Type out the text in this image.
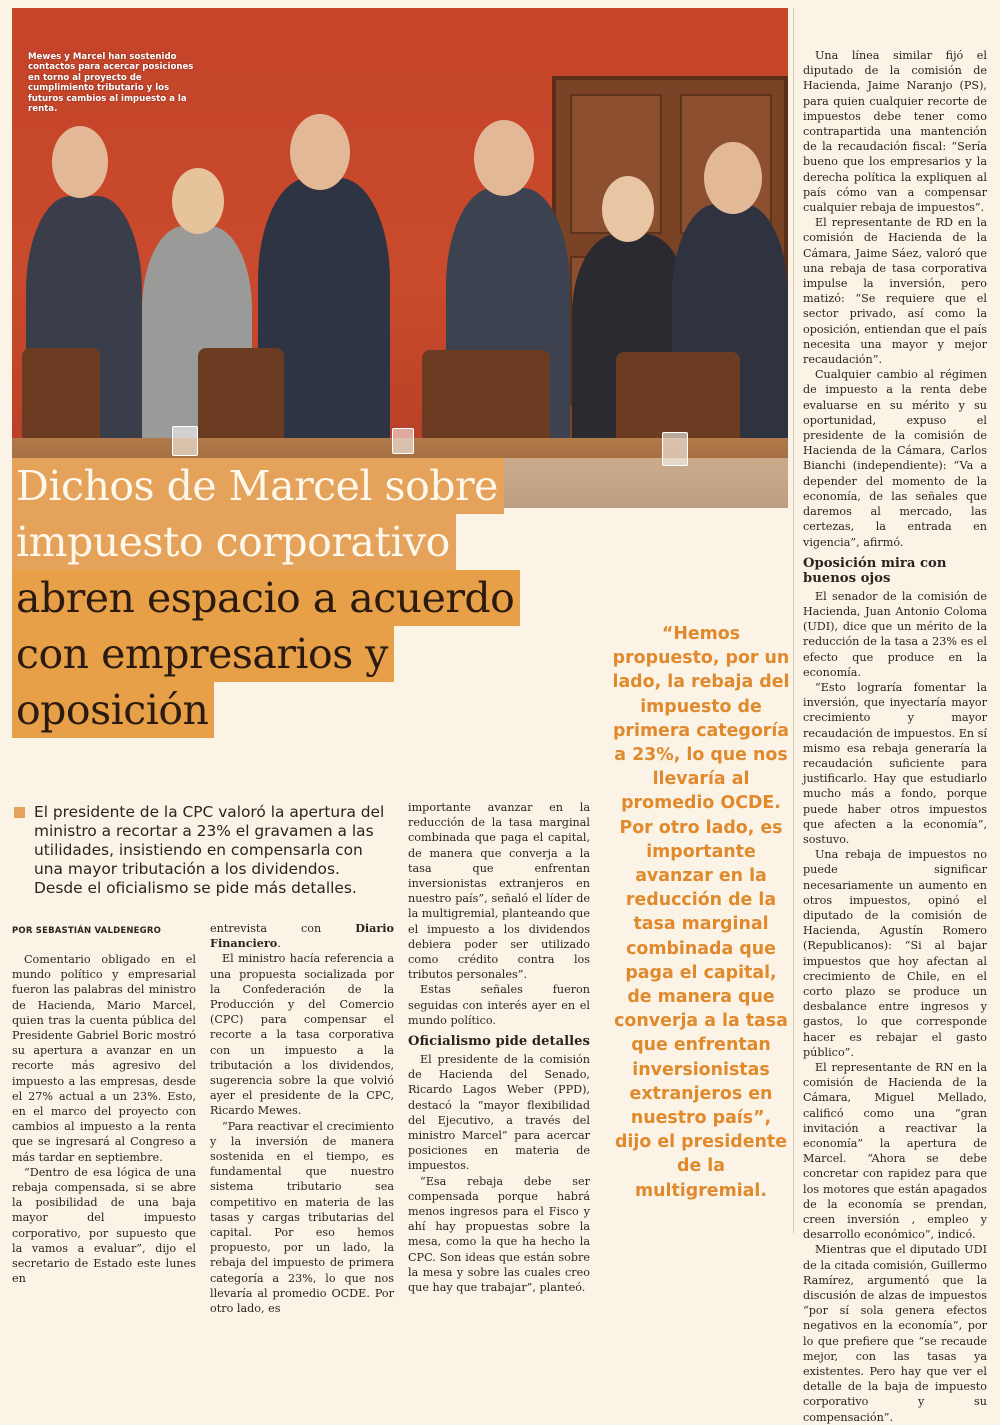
Mewes y Marcel han sostenido contactos para acercar posiciones en torno al proyecto de cumplimiento tributario y los futuros cambios al impuesto a la renta.
Dichos de Marcel sobre
impuesto corporativo
abren espacio a acuerdo
con empresarios y
oposición
El presidente de la CPC valoró la apertura del ministro a recortar a 23% el gravamen a las utilidades, insistiendo en compensarla con una mayor tributación a los dividendos. Desde el oficialismo se pide más detalles.
POR SEBASTIÁN VALDENEGRO

Comentario obligado en el mundo político y empresarial fueron las palabras del ministro de Hacienda, Mario Marcel, quien tras la cuenta pública del Presidente Gabriel Boric mostró su apertura a avanzar en un recorte más agresivo del impuesto a las empresas, desde el 27% actual a un 23%. Esto, en el marco del proyecto con cambios al impuesto a la renta que se ingresará al Congreso a más tardar en septiembre.

“Dentro de esa lógica de una rebaja compensada, si se abre la posibilidad de una baja mayor del impuesto corporativo, por supuesto que la vamos a evaluar”, dijo el secretario de Estado este lunes en

entrevista con Diario Financiero.

El ministro hacía referencia a una propuesta socializada por la Confederación de la Producción y del Comercio (CPC) para compensar el recorte a la tasa corporativa con un impuesto a la tributación a los dividendos, sugerencia sobre la que volvió ayer el presidente de la CPC, Ricardo Mewes.

“Para reactivar el crecimiento y la inversión de manera sostenida en el tiempo, es fundamental que nuestro sistema tributario sea competitivo en materia de las tasas y cargas tributarias del capital. Por eso hemos propuesto, por un lado, la rebaja del impuesto de primera categoría a 23%, lo que nos llevaría al promedio OCDE. Por otro lado, es

importante avanzar en la reducción de la tasa marginal combinada que paga el capital, de manera que converja a la tasa que enfrentan inversionistas extranjeros en nuestro país”, señaló el líder de la multigremial, planteando que el impuesto a los dividendos debiera poder ser utilizado como crédito contra los tributos personales”.

Estas señales fueron seguidas con interés ayer en el mundo político.

Oficialismo pide detalles

El presidente de la comisión de Hacienda del Senado, Ricardo Lagos Weber (PPD), destacó la “mayor flexibilidad del Ejecutivo, a través del ministro Marcel” para acercar posiciones en materia de impuestos.

“Esa rebaja debe ser compensada porque habrá menos ingresos para el Fisco y ahí hay propuestas sobre la mesa, como la que ha hecho la CPC. Son ideas que están sobre la mesa y sobre las cuales creo que hay que trabajar”, planteó.

“Hemos propuesto, por un lado, la rebaja del impuesto de primera categoría a 23%, lo que nos llevaría al promedio OCDE. Por otro lado, es importante avanzar en la reducción de la tasa marginal combinada que paga el capital, de manera que converja a la tasa que enfrentan inversionistas extranjeros en nuestro país”, dijo el presidente de la multigremial.

Una línea similar fijó el diputado de la comisión de Hacienda, Jaime Naranjo (PS), para quien cualquier recorte de impuestos debe tener como contrapartida una mantención de la recaudación fiscal: “Sería bueno que los empresarios y la derecha política la expliquen al país cómo van a compensar cualquier rebaja de impuestos”.

El representante de RD en la comisión de Hacienda de la Cámara, Jaime Sáez, valoró que una rebaja de tasa corporativa impulse la inversión, pero matizó: “Se requiere que el sector privado, así como la oposición, entiendan que el país necesita una mayor y mejor recaudación”.

Cualquier cambio al régimen de impuesto a la renta debe evaluarse en su mérito y su oportunidad, expuso el presidente de la comisión de Hacienda de la Cámara, Carlos Bianchi (independiente): “Va a depender del momento de la economía, de las señales que daremos al mercado, las certezas, la entrada en vigencia”, afirmó.

Oposición mira con buenos ojos

El senador de la comisión de Hacienda, Juan Antonio Coloma (UDI), dice que un mérito de la reducción de la tasa a 23% es el efecto que produce en la economía.

“Esto lograría fomentar la inversión, que inyectaría mayor crecimiento y mayor recaudación de impuestos. En sí mismo esa rebaja generaría la recaudación suficiente para justificarlo. Hay que estudiarlo mucho más a fondo, porque puede haber otros impuestos que afecten a la economía”, sostuvo.

Una rebaja de impuestos no puede significar necesariamente un aumento en otros impuestos, opinó el diputado de la comisión de Hacienda, Agustín Romero (Republicanos): “Si al bajar impuestos que hoy afectan al crecimiento de Chile, en el corto plazo se produce un desbalance entre ingresos y gastos, lo que corresponde hacer es rebajar el gasto público”.

El representante de RN en la comisión de Hacienda de la Cámara, Miguel Mellado, calificó como una “gran invitación a reactivar la economía” la apertura de Marcel. “Ahora se debe concretar con rapidez para que los motores que están apagados de la economía se prendan, creen inversión , empleo y desarrollo económico”, indicó.

Mientras que el diputado UDI de la citada comisión, Guillermo Ramírez, argumentó que la discusión de alzas de impuestos “por sí sola genera efectos negativos en la economía”, por lo que prefiere que “se recaude mejor, con las tasas ya existentes. Pero hay que ver el detalle de la baja de impuesto corporativo y su compensación”.
